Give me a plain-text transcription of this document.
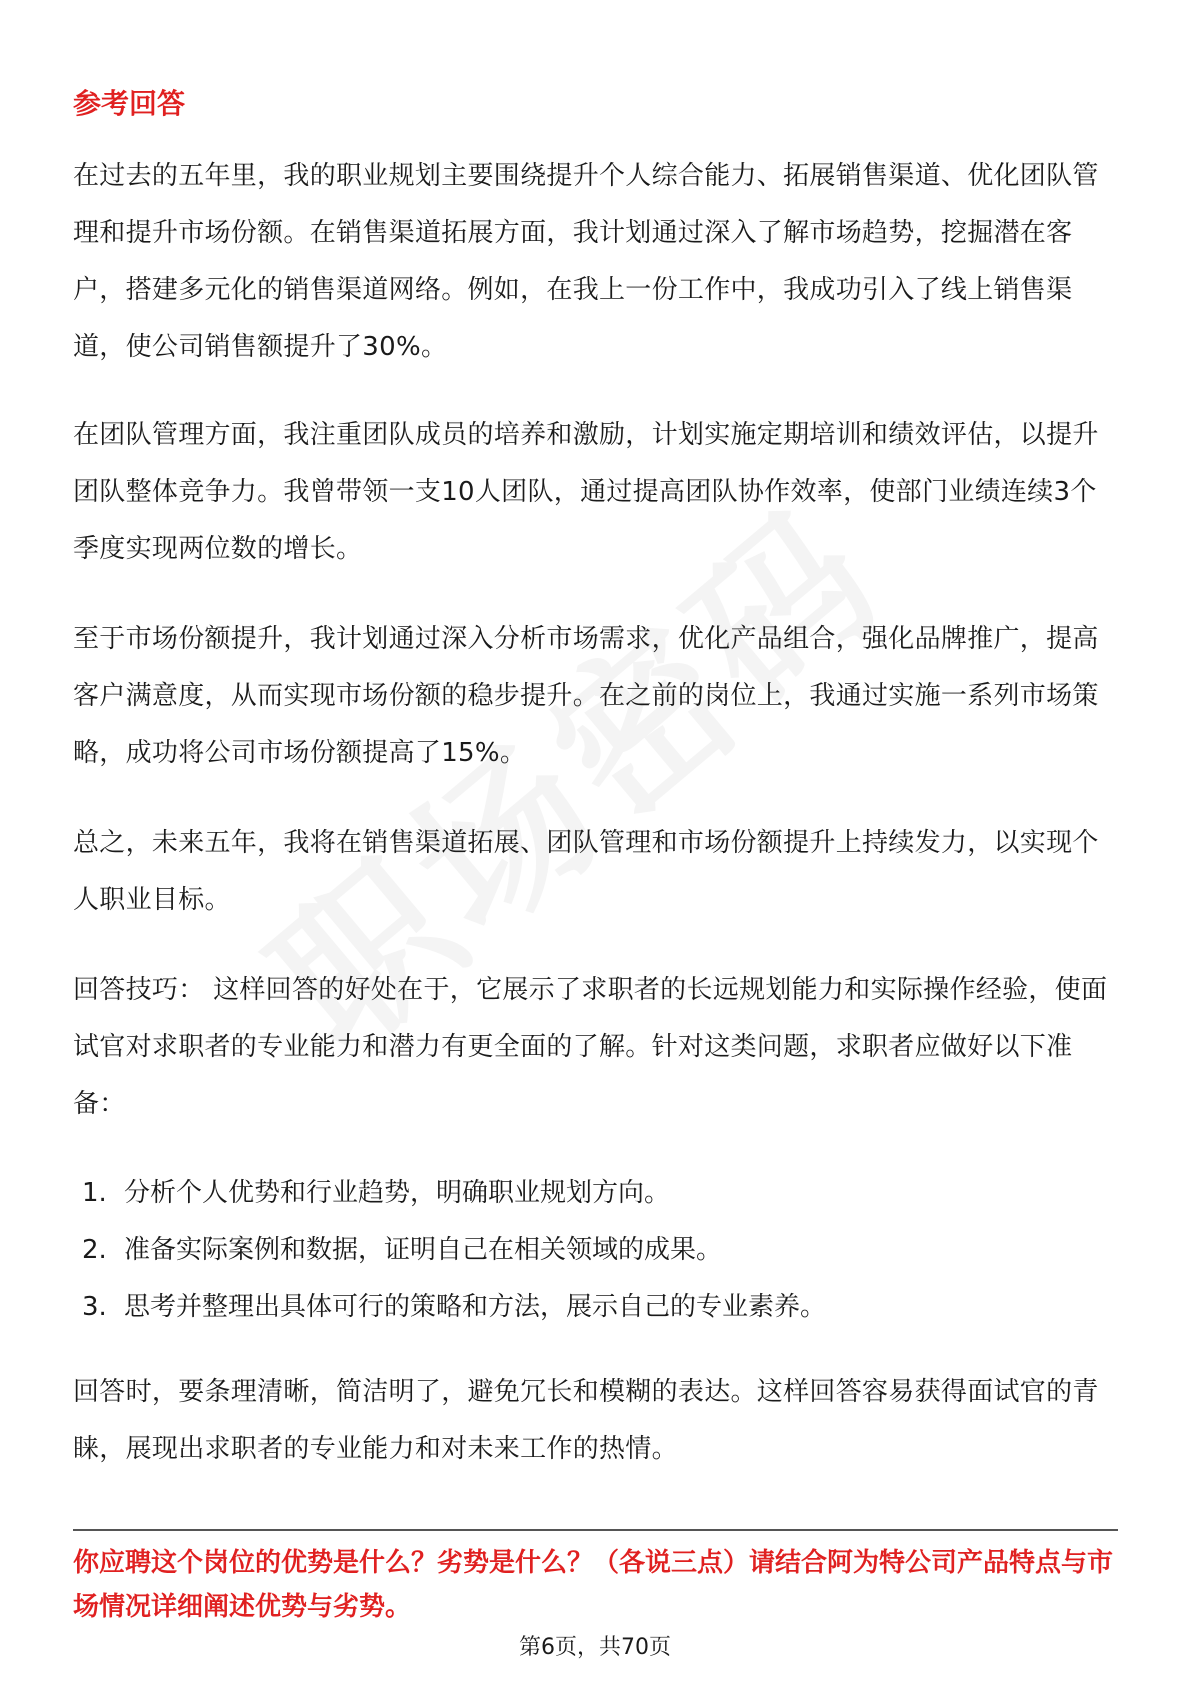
参考回答

在过去的五年里，我的职业规划主要围绕提升个人综合能力、拓展销售渠道、优化团队管理和提升市场份额。在销售渠道拓展方面，我计划通过深入了解市场趋势，挖掘潜在客户，搭建多元化的销售渠道网络。例如，在我上一份工作中，我成功引入了线上销售渠道，使公司销售额提升了30%。

在团队管理方面，我注重团队成员的培养和激励，计划实施定期培训和绩效评估，以提升团队整体竞争力。我曾带领一支10人团队，通过提高团队协作效率，使部门业绩连续3个季度实现两位数的增长。

至于市场份额提升，我计划通过深入分析市场需求，优化产品组合，强化品牌推广，提高客户满意度，从而实现市场份额的稳步提升。在之前的岗位上，我通过实施一系列市场策略，成功将公司市场份额提高了15%。

总之，未来五年，我将在销售渠道拓展、团队管理和市场份额提升上持续发力，以实现个人职业目标。

回答技巧： 这样回答的好处在于，它展示了求职者的长远规划能力和实际操作经验，使面试官对求职者的专业能力和潜力有更全面的了解。针对这类问题，求职者应做好以下准备：

1. 分析个人优势和行业趋势，明确职业规划方向。
2. 准备实际案例和数据，证明自己在相关领域的成果。
3. 思考并整理出具体可行的策略和方法，展示自己的专业素养。

回答时，要条理清晰，简洁明了，避免冗长和模糊的表达。这样回答容易获得面试官的青睐，展现出求职者的专业能力和对未来工作的热情。

你应聘这个岗位的优势是什么？劣势是什么？（各说三点）请结合阿为特公司产品特点与市场情况详细阐述优势与劣势。

第6页，共70页
